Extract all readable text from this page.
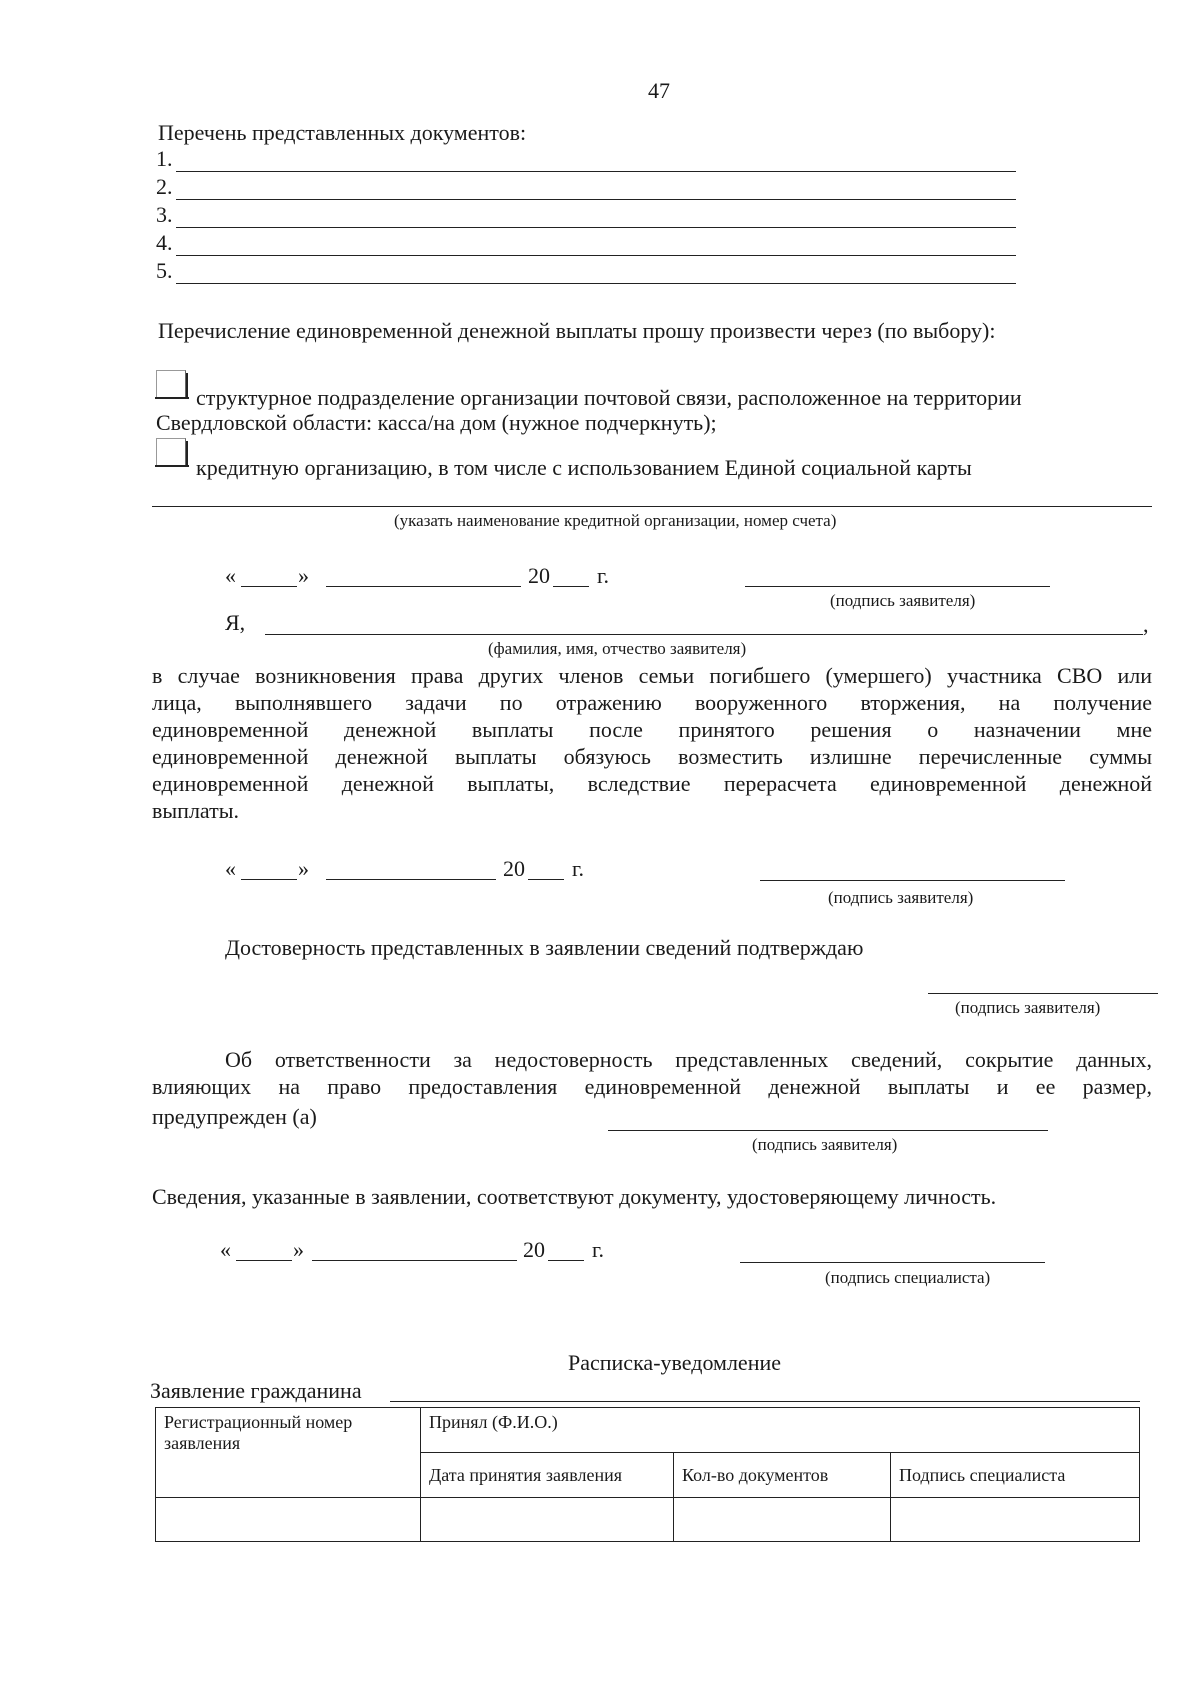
47
Перечень представленных документов:
1.
2.
3.
4.
5.
Перечисление единовременной денежной выплаты прошу произвести через (по выбору):
структурное подразделение организации почтовой связи, расположенное на территории
Свердловской области: касса/на дом (нужное подчеркнуть);
кредитную организацию, в том числе с использованием Единой социальной карты
(указать наименование кредитной организации, номер счета)
«	»	20 г.
(подпись заявителя)
Я,	,
(фамилия, имя, отчество заявителя)
в случае возникновения права других членов семьи погибшего (умершего) участника СВО или
лица, выполнявшего задачи по отражению вооруженного вторжения, на получение
единовременной денежной выплаты после принятого решения о назначении мне
единовременной денежной выплаты обязуюсь возместить излишне перечисленные суммы
единовременной денежной выплаты, вследствие перерасчета единовременной денежной
выплаты.
«	»	20 г.
(подпись заявителя)
Достоверность представленных в заявлении сведений подтверждаю
(подпись заявителя)
Об ответственности за недостоверность представленных сведений, сокрытие данных,
влияющих на право предоставления единовременной денежной выплаты и ее размер,
предупрежден (а)
(подпись заявителя)
Сведения, указанные в заявлении, соответствуют документу, удостоверяющему личность.
«	»	20 г.
(подпись специалиста)
Расписка-уведомление
Заявление гражданина
Регистрационный номер заявления	Принял (Ф.И.О.)		
	Дата принятия заявления	Кол-во документов	Подпись специалиста
